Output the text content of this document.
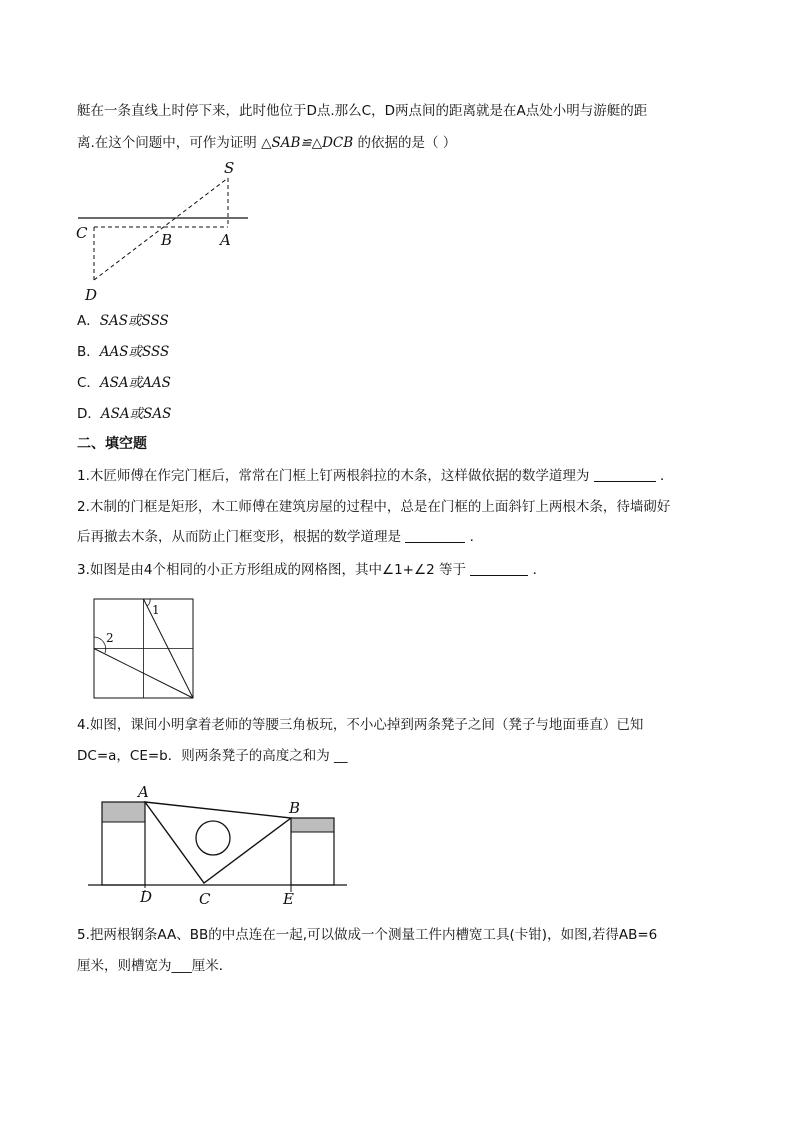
艇在一条直线上时停下来，此时他位于D点.那么C，D两点间的距离就是在A点处小明与游艇的距
离.在这个问题中，可作为证明 △SAB≌△DCB 的依据的是（ ）
S
C	B	A
D
A．SAS或SSS
B．AAS或SSS
C．ASA或AAS
D．ASA或SAS
二、填空题
1.木匠师傅在作完门框后，常常在门框上钉两根斜拉的木条，这样做依据的数学道理为	．
2.木制的门框是矩形，木工师傅在建筑房屋的过程中，总是在门框的上面斜钉上两根木条，待墙砌好
后再撤去木条，从而防止门框变形，根据的数学道理是	．
3.如图是由4个相同的小正方形组成的网格图，其中∠1+∠2 等于	．
1
2
4.如图，课间小明拿着老师的等腰三角板玩，不小心掉到两条凳子之间（凳子与地面垂直）已知
DC=a，CE=b．则两条凳子的高度之和为 __
A
B
D	C	E
5.把两根钢条AA、BB的中点连在一起,可以做成一个测量工件内槽宽工具(卡钳)，如图,若得AB=6
厘米，则槽宽为___厘米．
